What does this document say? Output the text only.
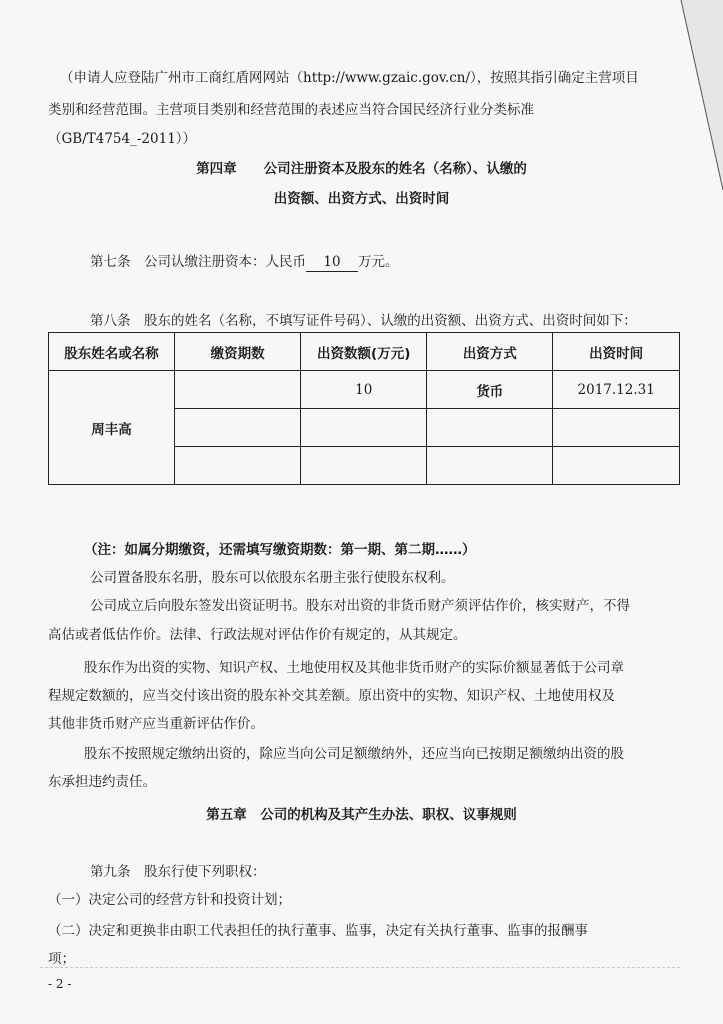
（申请人应登陆广州市工商红盾网网站（http://www.gzaic.gov.cn/），按照其指引确定主营项目
类别和经营范围。主营项目类别和经营范围的表述应当符合国民经济行业分类标准
（GB/T4754_-2011））
第四章　　公司注册资本及股东的姓名（名称）、认缴的
出资额、出资方式、出资时间
第七条　公司认缴注册资本：人民币 10 万元。
第八条　股东的姓名（名称，不填写证件号码）、认缴的出资额、出资方式、出资时间如下：
股东姓名或名称	缴资期数	出资数额(万元)	出资方式	出资时间
周丰高		10	货币	2017.12.31

（注：如属分期缴资，还需填写缴资期数：第一期、第二期……）
公司置备股东名册，股东可以依股东名册主张行使股东权利。
公司成立后向股东签发出资证明书。股东对出资的非货币财产须评估作价，核实财产，不得
高估或者低估作价。法律、行政法规对评估作价有规定的，从其规定。
股东作为出资的实物、知识产权、土地使用权及其他非货币财产的实际价额显著低于公司章
程规定数额的，应当交付该出资的股东补交其差额。原出资中的实物、知识产权、土地使用权及
其他非货币财产应当重新评估作价。
股东不按照规定缴纳出资的，除应当向公司足额缴纳外，还应当向已按期足额缴纳出资的股
东承担违约责任。
第五章　公司的机构及其产生办法、职权、议事规则
第九条　股东行使下列职权：
（一）决定公司的经营方针和投资计划；
（二）决定和更换非由职工代表担任的执行董事、监事，决定有关执行董事、监事的报酬事
项；
- 2 -
